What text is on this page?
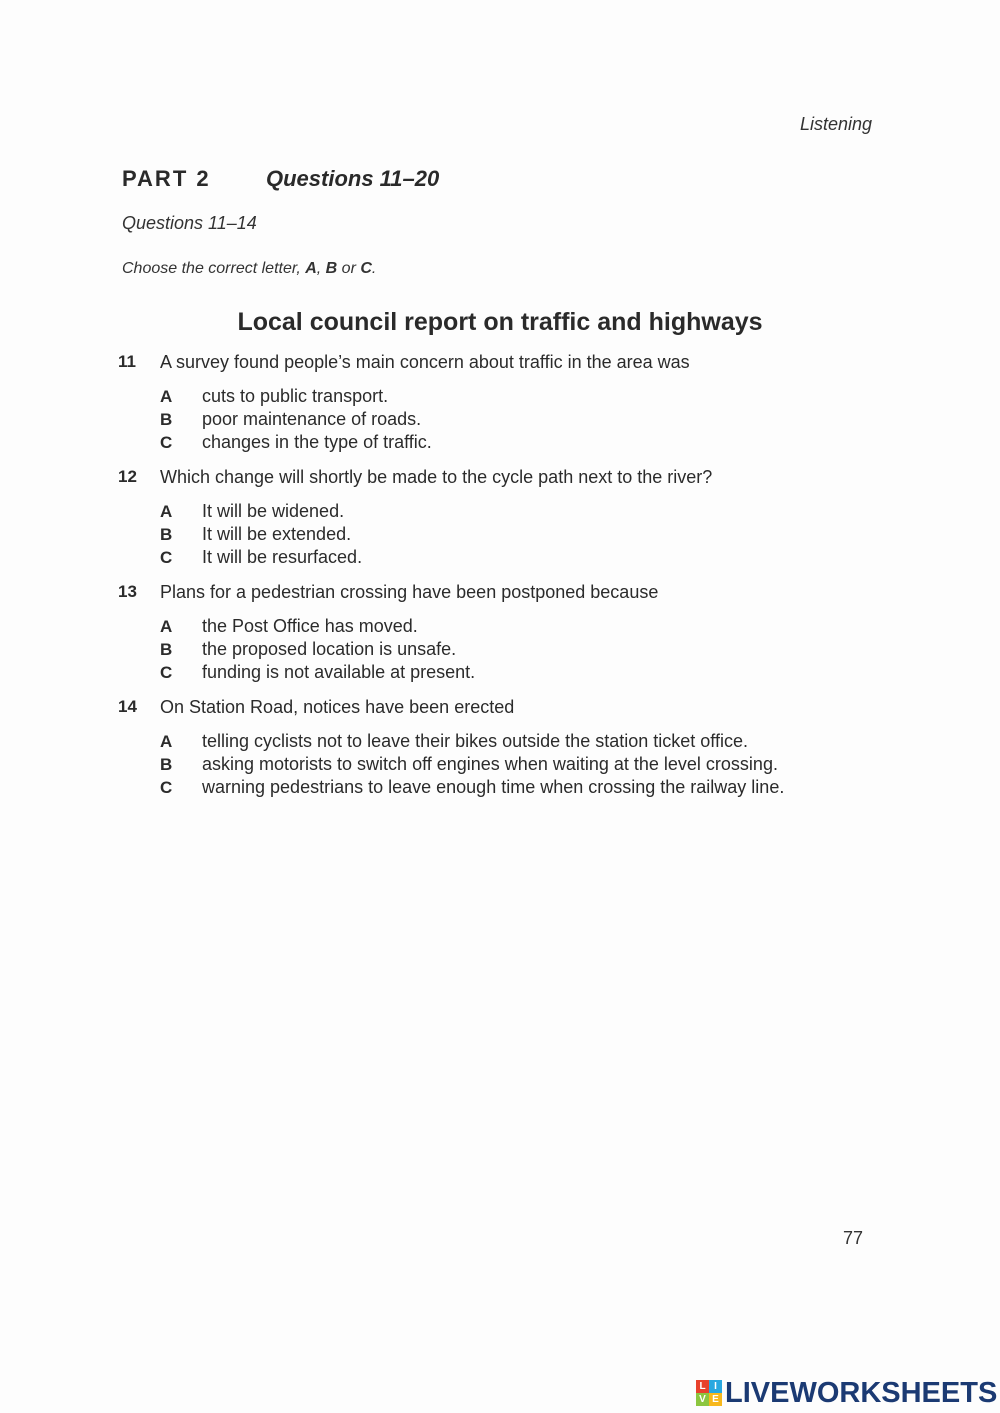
Listening
PART 2	Questions 11–20
Questions 11–14
Choose the correct letter, A, B or C.
Local council report on traffic and highways
11	A survey found people’s main concern about traffic in the area was
A	cuts to public transport.
B	poor maintenance of roads.
C	changes in the type of traffic.
12	Which change will shortly be made to the cycle path next to the river?
A	It will be widened.
B	It will be extended.
C	It will be resurfaced.
13	Plans for a pedestrian crossing have been postponed because
A	the Post Office has moved.
B	the proposed location is unsafe.
C	funding is not available at present.
14	On Station Road, notices have been erected
A	telling cyclists not to leave their bikes outside the station ticket office.
B	asking motorists to switch off engines when waiting at the level crossing.
C	warning pedestrians to leave enough time when crossing the railway line.
77
L I
V E LIVEWORKSHEETS
